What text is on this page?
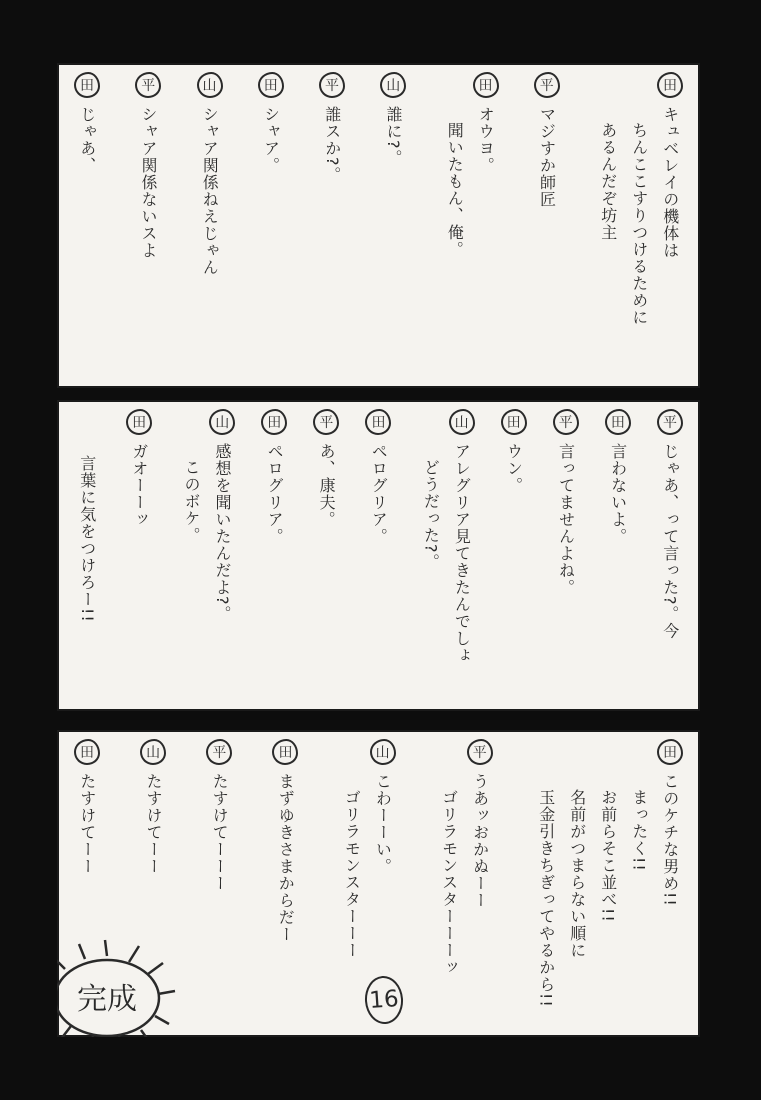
田
キュベレイの機体は
ちんここすりつけるために
あるんだぞ坊主
平
マジすか師匠
田
オウヨ。
聞いたもん、俺。
山
誰に?。
平
誰スか?。
田
シャア。
山
シャア関係ねえじゃん
平
シャア関係ないスよ
田
じゃあ、
平
じゃあ、って言った?。今
田
言わないよ。
平
言ってませんよね。
田
ウン。
山
アレグリア見てきたんでしょ
どうだった?。
田
ペログリア。
平
あ、康夫。
田
ペログリア。
山
感想を聞いたんだよ?。
このボケ。
田
ガオーーッ
言葉に気をつけろー!!
田
このケチな男め!!
まったく!!
お前らそこ並べ!!
名前がつまらない順に
玉金引きちぎってやるから!!
平
うあッおかぬーー
ゴリラモンスターーーッ
山
こわーーい。
ゴリラモンスターーー
田
まずゆきさまからだー
平
たすけてーーー
山
たすけてーー
田
たすけてーー
16
完成
